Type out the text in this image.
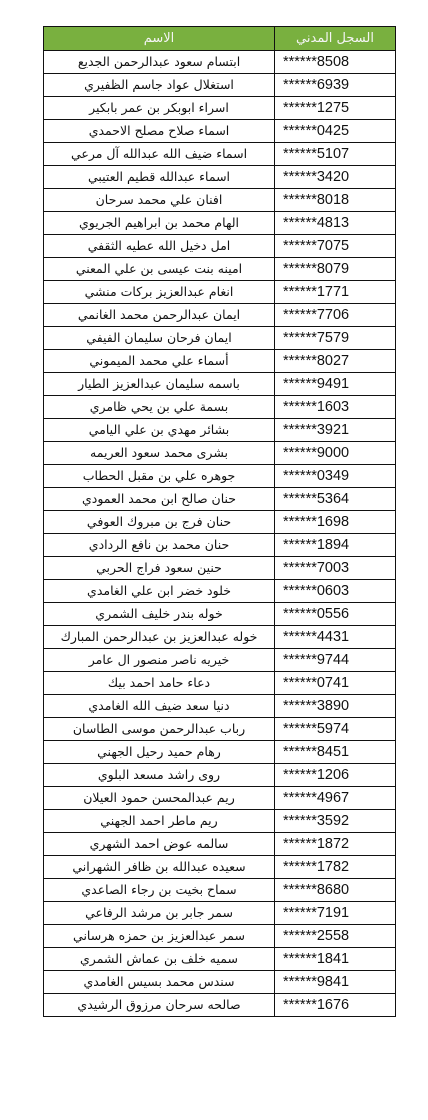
الاسم	السجل المدني
ابتسام سعود عبدالرحمن الجديع	******8508
استغلال عواد جاسم الظفيري	******6939
اسراء ابوبكر بن عمر بابكير	******1275
اسماء صلاح مصلح الاحمدي	******0425
اسماء ضيف الله عبدالله آل مرعي	******5107
اسماء عبدالله قطيم العتيبي	******3420
افنان علي محمد سرحان	******8018
الهام محمد بن ابراهيم الجريوي	******4813
امل دخيل الله عطيه الثقفي	******7075
امينه بنت عيسى بن علي المعني	******8079
انغام عبدالعزيز بركات منشي	******1771
ايمان عبدالرحمن محمد الغانمي	******7706
ايمان فرحان سليمان الفيفي	******7579
أسماء علي محمد الميموني	******8027
باسمه سليمان عبدالعزيز الطيار	******9491
بسمة علي بن يحي ظامري	******1603
بشائر مهدي بن علي اليامي	******3921
بشرى محمد سعود العريمه	******9000
جوهره علي بن مقبل الحطاب	******0349
حنان صالح ابن محمد العمودي	******5364
حنان فرج بن مبروك العوفي	******1698
حنان محمد بن نافع الردادي	******1894
حنين سعود فراج الحربي	******7003
خلود خضر ابن علي الغامدي	******0603
خوله بندر خليف الشمري	******0556
خوله عبدالعزيز بن عبدالرحمن المبارك	******4431
خيريه ناصر منصور ال عامر	******9744
دعاء حامد احمد بيك	******0741
دنيا سعد ضيف الله الغامدي	******3890
رباب عبدالرحمن موسى الطاسان	******5974
رهام حميد رحيل الجهني	******8451
روى راشد مسعد البلوي	******1206
ريم عبدالمحسن حمود العيلان	******4967
ريم ماطر احمد الجهني	******3592
سالمه عوض احمد الشهري	******1872
سعيده عبدالله بن ظافر الشهراني	******1782
سماح بخيت بن رجاء الصاعدي	******8680
سمر جابر بن مرشد الرفاعي	******7191
سمر عبدالعزيز بن حمزه هرساني	******2558
سميه خلف بن عماش الشمري	******1841
سندس محمد بسيس الغامدي	******9841
صالحه سرحان مرزوق الرشيدي	******1676
